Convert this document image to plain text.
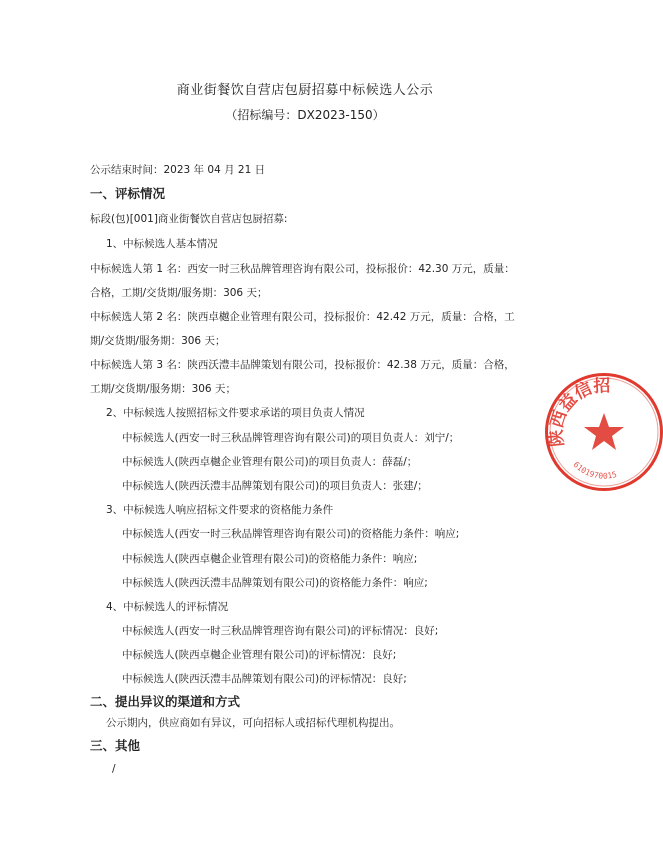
商业街餐饮自营店包厨招募中标候选人公示
（招标编号：DX2023-150）
公示结束时间：2023 年 04 月 21 日
一、评标情况
标段(包)[001]商业街餐饮自营店包厨招募:
1、中标候选人基本情况
中标候选人第 1 名：西安一时三秋品牌管理咨询有限公司，投标报价：42.30 万元，质量：
合格，工期/交货期/服务期：306 天；
中标候选人第 2 名：陕西卓樾企业管理有限公司，投标报价：42.42 万元，质量：合格，工
期/交货期/服务期：306 天；
中标候选人第 3 名：陕西沃澧丰品牌策划有限公司，投标报价：42.38 万元，质量：合格，
工期/交货期/服务期：306 天；
2、中标候选人按照招标文件要求承诺的项目负责人情况
中标候选人(西安一时三秋品牌管理咨询有限公司)的项目负责人：刘宁/；
中标候选人(陕西卓樾企业管理有限公司)的项目负责人：薛磊/；
中标候选人(陕西沃澧丰品牌策划有限公司)的项目负责人：张建/；
3、中标候选人响应招标文件要求的资格能力条件
中标候选人(西安一时三秋品牌管理咨询有限公司)的资格能力条件：响应;
中标候选人(陕西卓樾企业管理有限公司)的资格能力条件：响应;
中标候选人(陕西沃澧丰品牌策划有限公司)的资格能力条件：响应;
4、中标候选人的评标情况
中标候选人(西安一时三秋品牌管理咨询有限公司)的评标情况：良好;
中标候选人(陕西卓樾企业管理有限公司)的评标情况：良好;
中标候选人(陕西沃澧丰品牌策划有限公司)的评标情况：良好;
二、提出异议的渠道和方式
公示期内，供应商如有异议，可向招标人或招标代理机构提出。
三、其他
/
陕西益信招
6101970015
